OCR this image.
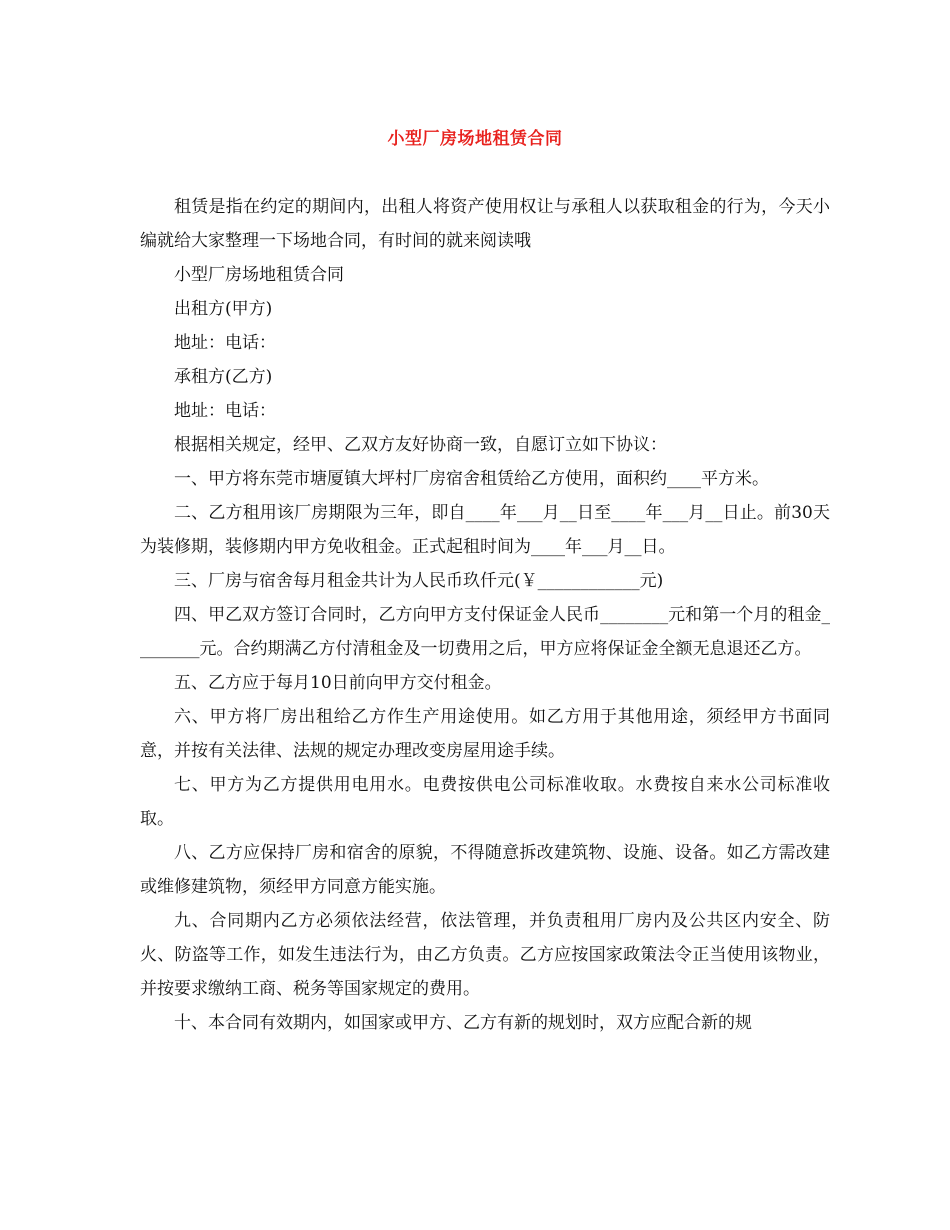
小型厂房场地租赁合同

租赁是指在约定的期间内，出租人将资产使用权让与承租人以获取租金的行为，今天小编就给大家整理一下场地合同，有时间的就来阅读哦

小型厂房场地租赁合同

出租方(甲方)

地址：电话：

承租方(乙方)

地址：电话：

根据相关规定，经甲、乙双方友好协商一致，自愿订立如下协议：

一、甲方将东莞市塘厦镇大坪村厂房宿舍租赁给乙方使用，面积约____平方米。

二、乙方租用该厂房期限为三年，即自____年___月__日至____年___月__日止。前30天为装修期，装修期内甲方免收租金。正式起租时间为____年___月__日。

三、厂房与宿舍每月租金共计为人民币玖仟元(￥____________元)

四、甲乙双方签订合同时，乙方向甲方支付保证金人民币________元和第一个月的租金________元。合约期满乙方付清租金及一切费用之后，甲方应将保证金全额无息退还乙方。

五、乙方应于每月10日前向甲方交付租金。

六、甲方将厂房出租给乙方作生产用途使用。如乙方用于其他用途，须经甲方书面同意，并按有关法律、法规的规定办理改变房屋用途手续。

七、甲方为乙方提供用电用水。电费按供电公司标准收取。水费按自来水公司标准收取。

八、乙方应保持厂房和宿舍的原貌，不得随意拆改建筑物、设施、设备。如乙方需改建或维修建筑物，须经甲方同意方能实施。

九、合同期内乙方必须依法经营，依法管理，并负责租用厂房内及公共区内安全、防火、防盗等工作，如发生违法行为，由乙方负责。乙方应按国家政策法令正当使用该物业，并按要求缴纳工商、税务等国家规定的费用。

十、本合同有效期内，如国家或甲方、乙方有新的规划时，双方应配合新的规
